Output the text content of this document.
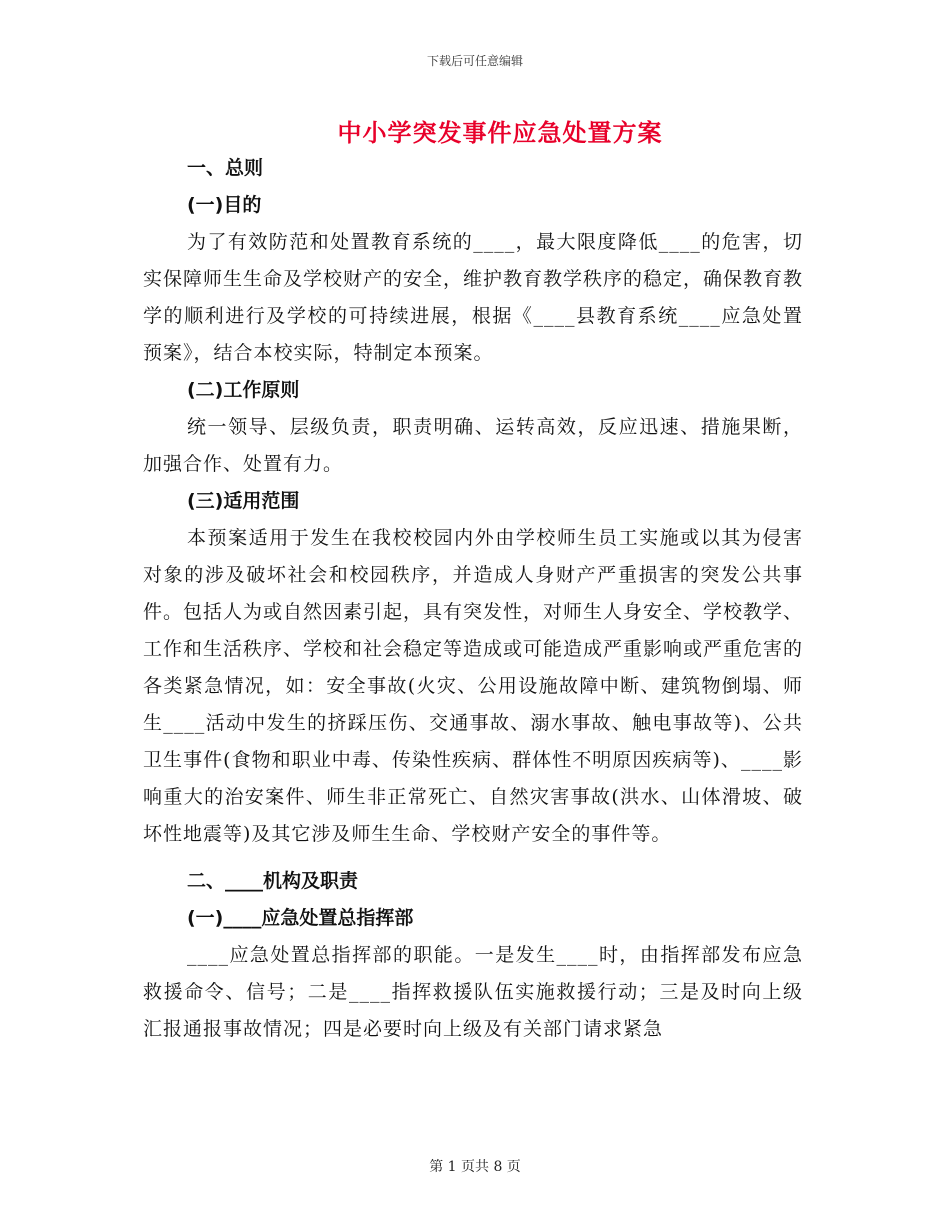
下载后可任意编辑
中小学突发事件应急处置方案
一、总则
(一)目的

为了有效防范和处置教育系统的____，最大限度降低____的危害，切实保障师生生命及学校财产的安全，维护教育教学秩序的稳定，确保教育教学的顺利进行及学校的可持续进展，根据《____县教育系统____应急处置预案》，结合本校实际，特制定本预案。

(二)工作原则

统一领导、层级负责，职责明确、运转高效，反应迅速、措施果断，加强合作、处置有力。

(三)适用范围

本预案适用于发生在我校校园内外由学校师生员工实施或以其为侵害对象的涉及破坏社会和校园秩序，并造成人身财产严重损害的突发公共事件。包括人为或自然因素引起，具有突发性，对师生人身安全、学校教学、工作和生活秩序、学校和社会稳定等造成或可能造成严重影响或严重危害的各类紧急情况，如：安全事故(火灾、公用设施故障中断、建筑物倒塌、师生____活动中发生的挤踩压伤、交通事故、溺水事故、触电事故等)、公共卫生事件(食物和职业中毒、传染性疾病、群体性不明原因疾病等)、____影响重大的治安案件、师生非正常死亡、自然灾害事故(洪水、山体滑坡、破坏性地震等)及其它涉及师生生命、学校财产安全的事件等。

二、____机构及职责
(一)____应急处置总指挥部

____应急处置总指挥部的职能。一是发生____时，由指挥部发布应急救援命令、信号；二是____指挥救援队伍实施救援行动；三是及时向上级汇报通报事故情况；四是必要时向上级及有关部门请求紧急

第 1 页共 8 页
